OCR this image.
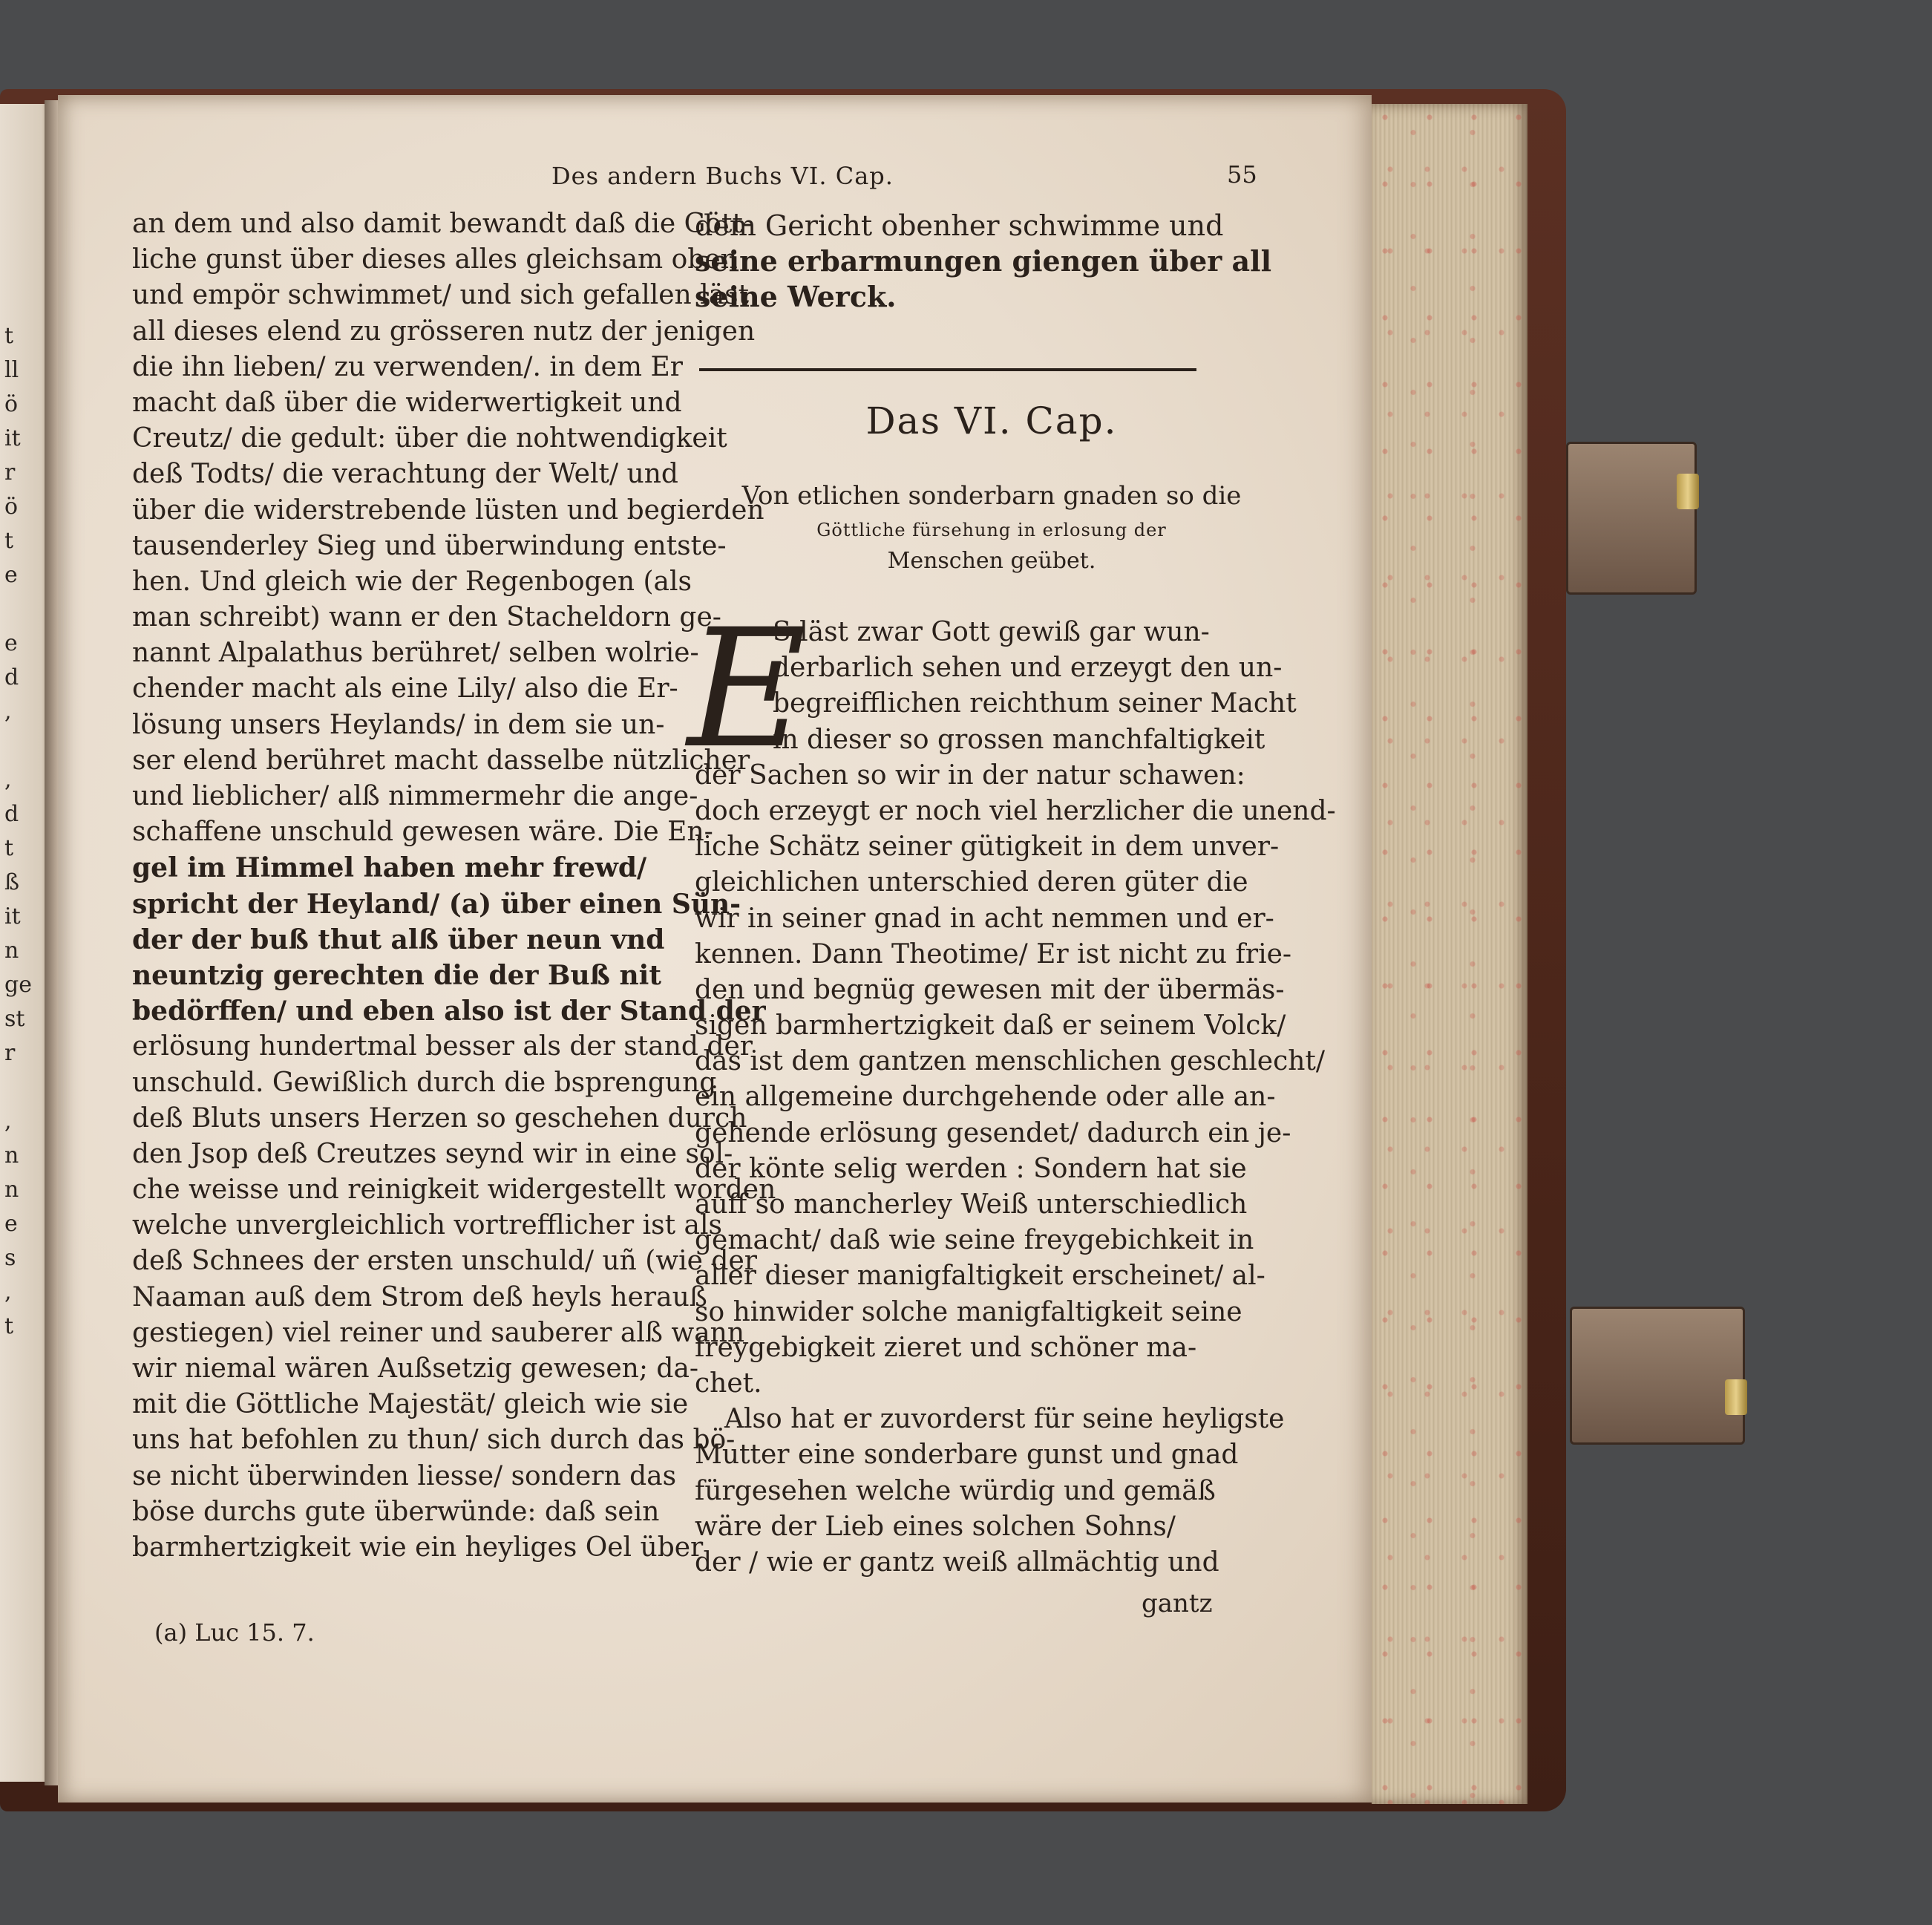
t
ll
ö
it
r
ö
t
e

e
d
,

,
d
t
ß
it
n
ge
st
r

,
n
n
e
s
,
t
Des andern Buchs VI. Cap.	55
an dem und also damit bewandt daß die Gött-
liche gunst über dieses alles gleichsam oben
und empör schwimmet/ und sich gefallen läst
all dieses elend zu grösseren nutz der jenigen
die ihn lieben/ zu verwenden/. in dem Er
macht daß über die widerwertigkeit und
Creutz/ die gedult: über die nohtwendigkeit
deß Todts/ die verachtung der Welt/ und
über die widerstrebende lüsten und begierden
tausenderley Sieg und überwindung entste-
hen. Und gleich wie der Regenbogen (als
man schreibt) wann er den Stacheldorn ge-
nannt Alpalathus berühret/ selben wolrie-
chender macht als eine Lily/ also die Er-
lösung unsers Heylands/ in dem sie un-
ser elend berühret macht dasselbe nützlicher
und lieblicher/ alß nimmermehr die ange-
schaffene unschuld gewesen wäre. Die En-
gel im Himmel haben mehr frewd/
spricht der Heyland/ (a) über einen Sün-
der der buß thut alß über neun vnd
neuntzig gerechten die der Buß nit
bedörffen/ und eben also ist der Stand der
erlösung hundertmal besser als der stand der
unschuld. Gewißlich durch die bsprengung
deß Bluts unsers Herzen so geschehen durch
den Jsop deß Creutzes seynd wir in eine sol-
che weisse und reinigkeit widergestellt worden
welche unvergleichlich vortrefflicher ist als
deß Schnees der ersten unschuld/ uñ (wie der
Naaman auß dem Strom deß heyls herauß
gestiegen) viel reiner und sauberer alß wann
wir niemal wären Außsetzig gewesen; da-
mit die Göttliche Majestät/ gleich wie sie
uns hat befohlen zu thun/ sich durch das bö-
se nicht überwinden liesse/ sondern das
böse durchs gute überwünde: daß sein
barmhertzigkeit wie ein heyliges Oel über
dem Gericht obenher schwimme und
seine erbarmungen giengen über all
seine Werck.
Das VI. Cap.
Von etlichen sonderbarn gnaden so die
Göttliche fürsehung in erlosung der
Menschen geübet.
E
S läst zwar Gott gewiß gar wun-
derbarlich sehen und erzeygt den un-
begreifflichen reichthum seiner Macht
in dieser so grossen manchfaltigkeit
der Sachen so wir in der natur schawen:
doch erzeygt er noch viel herzlicher die unend-
liche Schätz seiner gütigkeit in dem unver-
gleichlichen unterschied deren güter die
wir in seiner gnad in acht nemmen und er-
kennen. Dann Theotime/ Er ist nicht zu frie-
den und begnüg gewesen mit der übermäs-
sigen barmhertzigkeit daß er seinem Volck/
das ist dem gantzen menschlichen geschlecht/
ein allgemeine durchgehende oder alle an-
gehende erlösung gesendet/ dadurch ein je-
der könte selig werden : Sondern hat sie
auff so mancherley Weiß unterschiedlich
gemacht/ daß wie seine freygebichkeit in
aller dieser manigfaltigkeit erscheinet/ al-
so hinwider solche manigfaltigkeit seine
freygebigkeit zieret und schöner ma-
chet.
Also hat er zuvorderst für seine heyligste
Mutter eine sonderbare gunst und gnad
fürgesehen welche würdig und gemäß
wäre der Lieb eines solchen Sohns/
der / wie er gantz weiß allmächtig und
gantz
(a) Luc 15. 7.
